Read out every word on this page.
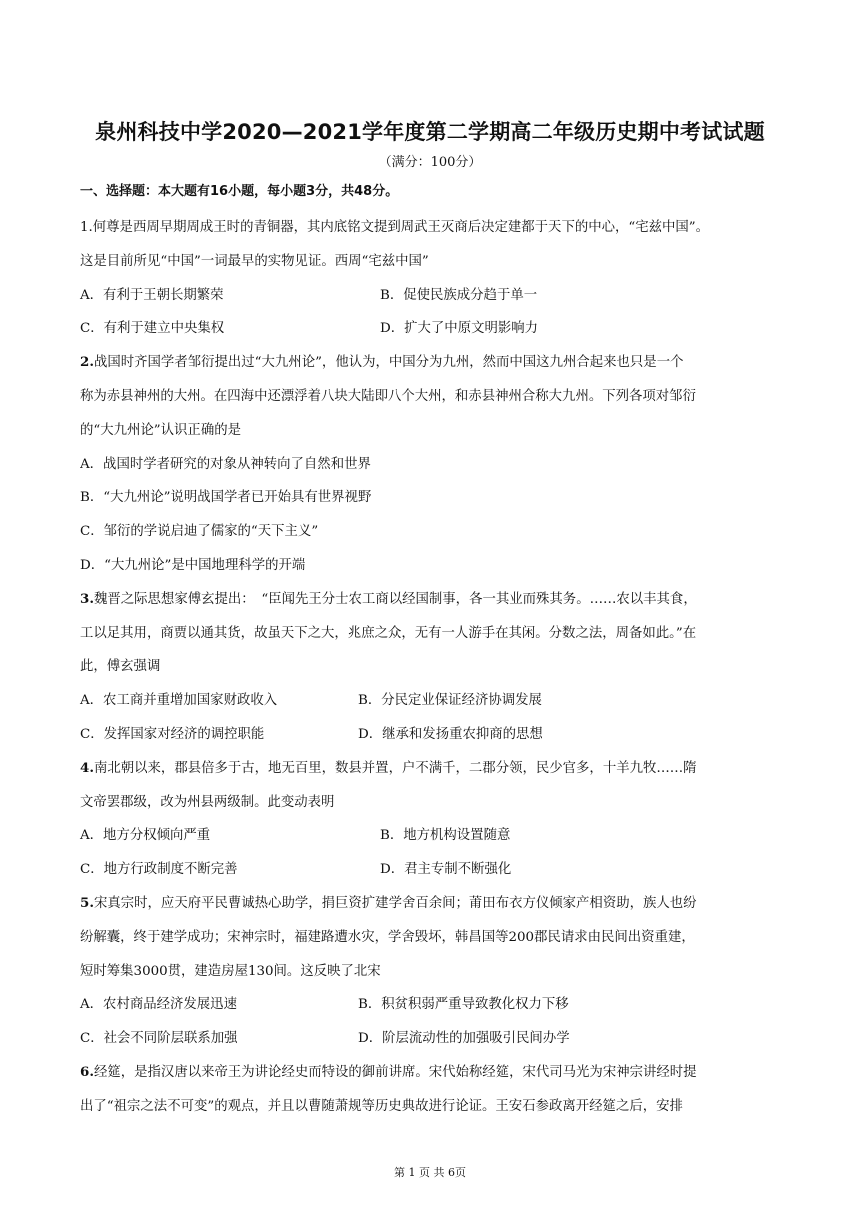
泉州科技中学2020—2021学年度第二学期高二年级历史期中考试试题
（满分：100分）
一、选择题：本大题有16小题，每小题3分，共48分。
1.何尊是西周早期周成王时的青铜器，其内底铭文提到周武王灭商后决定建都于天下的中心，“宅兹中国”。
这是目前所见“中国”一词最早的实物见证。西周“宅兹中国”
A．有利于王朝长期繁荣	B．促使民族成分趋于单一
C．有利于建立中央集权	D．扩大了中原文明影响力
2.战国时齐国学者邹衍提出过“大九州论”，他认为，中国分为九州，然而中国这九州合起来也只是一个
称为赤县神州的大州。在四海中还漂浮着八块大陆即八个大州，和赤县神州合称大九州。下列各项对邹衍
的“大九州论”认识正确的是
A．战国时学者研究的对象从神转向了自然和世界
B．“大九州论”说明战国学者已开始具有世界视野
C．邹衍的学说启迪了儒家的“天下主义”
D．“大九州论”是中国地理科学的开端
3.魏晋之际思想家傅玄提出：　“臣闻先王分士农工商以经国制事，各一其业而殊其务。……农以丰其食，
工以足其用，商贾以通其货，故虽天下之大，兆庶之众，无有一人游手在其闲。分数之法，周备如此。”在
此，傅玄强调
A．农工商并重增加国家财政收入	B．分民定业保证经济协调发展
C．发挥国家对经济的调控职能	D．继承和发扬重农抑商的思想
4.南北朝以来，郡县倍多于古，地无百里，数县并置，户不满千，二郡分领，民少官多，十羊九牧……隋
文帝罢郡级，改为州县两级制。此变动表明
A．地方分权倾向严重	B．地方机构设置随意
C．地方行政制度不断完善	D．君主专制不断强化
5.宋真宗时，应天府平民曹诚热心助学，捐巨资扩建学舍百余间；莆田布衣方仪倾家产相资助，族人也纷
纷解囊，终于建学成功；宋神宗时，福建路遭水灾，学舍毁坏，韩昌国等200郡民请求由民间出资重建，
短时筹集3000贯，建造房屋130间。这反映了北宋
A．农村商品经济发展迅速	B．积贫积弱严重导致教化权力下移
C．社会不同阶层联系加强	D．阶层流动性的加强吸引民间办学
6.经筵，是指汉唐以来帝王为讲论经史而特设的御前讲席。宋代始称经筵，宋代司马光为宋神宗讲经时提
出了“祖宗之法不可变”的观点，并且以曹随萧规等历史典故进行论证。王安石参政离开经筵之后，安排
第 1 页 共 6页
